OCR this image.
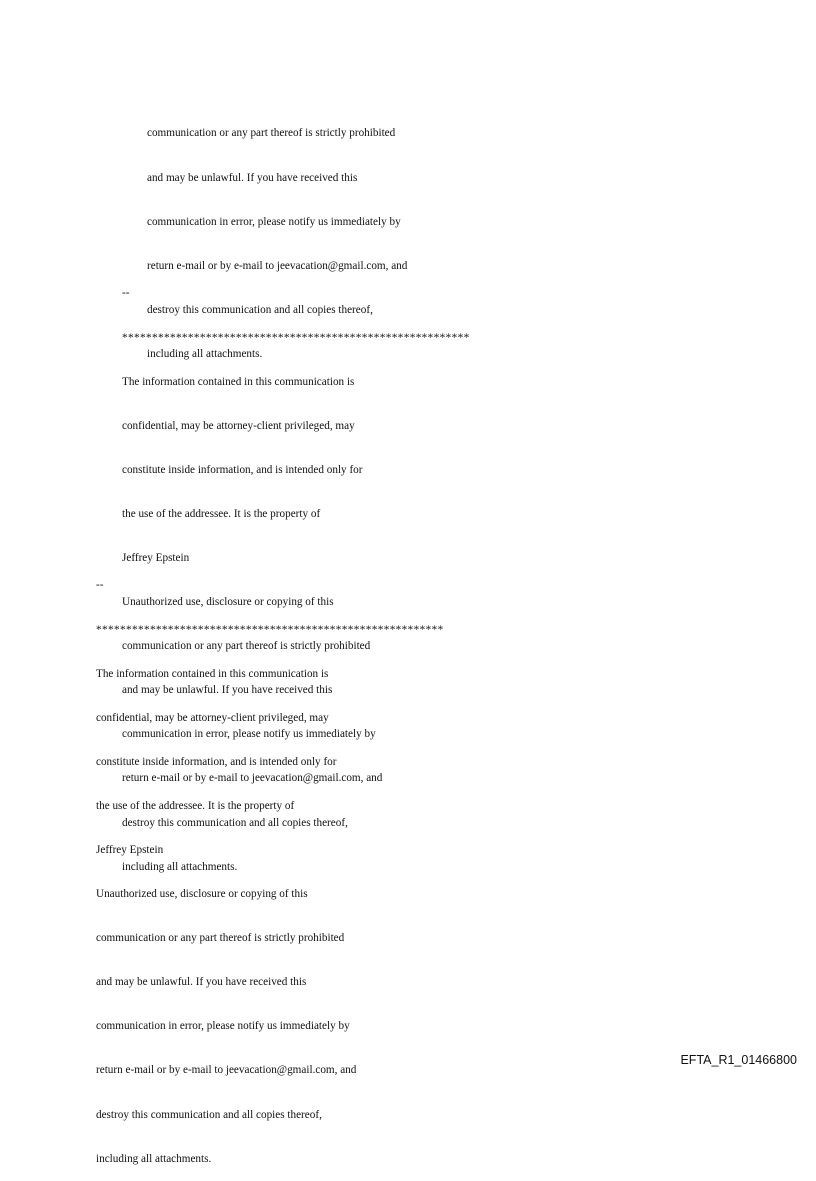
communication or any part thereof is strictly prohibited

and may be unlawful. If you have received this

communication in error, please notify us immediately by

return e-mail or by e-mail to jeevacation@gmail.com, and

destroy this communication and all copies thereof,

including all attachments.

--

**********************************************************

The information contained in this communication is

confidential, may be attorney-client privileged, may

constitute inside information, and is intended only for

the use of the addressee. It is the property of

Jeffrey Epstein

Unauthorized use, disclosure or copying of this

communication or any part thereof is strictly prohibited

and may be unlawful. If you have received this

communication in error, please notify us immediately by

return e-mail or by e-mail to jeevacation@gmail.com, and

destroy this communication and all copies thereof,

including all attachments.

--

**********************************************************

The information contained in this communication is

confidential, may be attorney-client privileged, may

constitute inside information, and is intended only for

the use of the addressee. It is the property of

Jeffrey Epstein

Unauthorized use, disclosure or copying of this

communication or any part thereof is strictly prohibited

and may be unlawful. If you have received this

communication in error, please notify us immediately by

return e-mail or by e-mail to jeevacation@gmail.com, and

destroy this communication and all copies thereof,

including all attachments.

EFTA_R1_01466800
